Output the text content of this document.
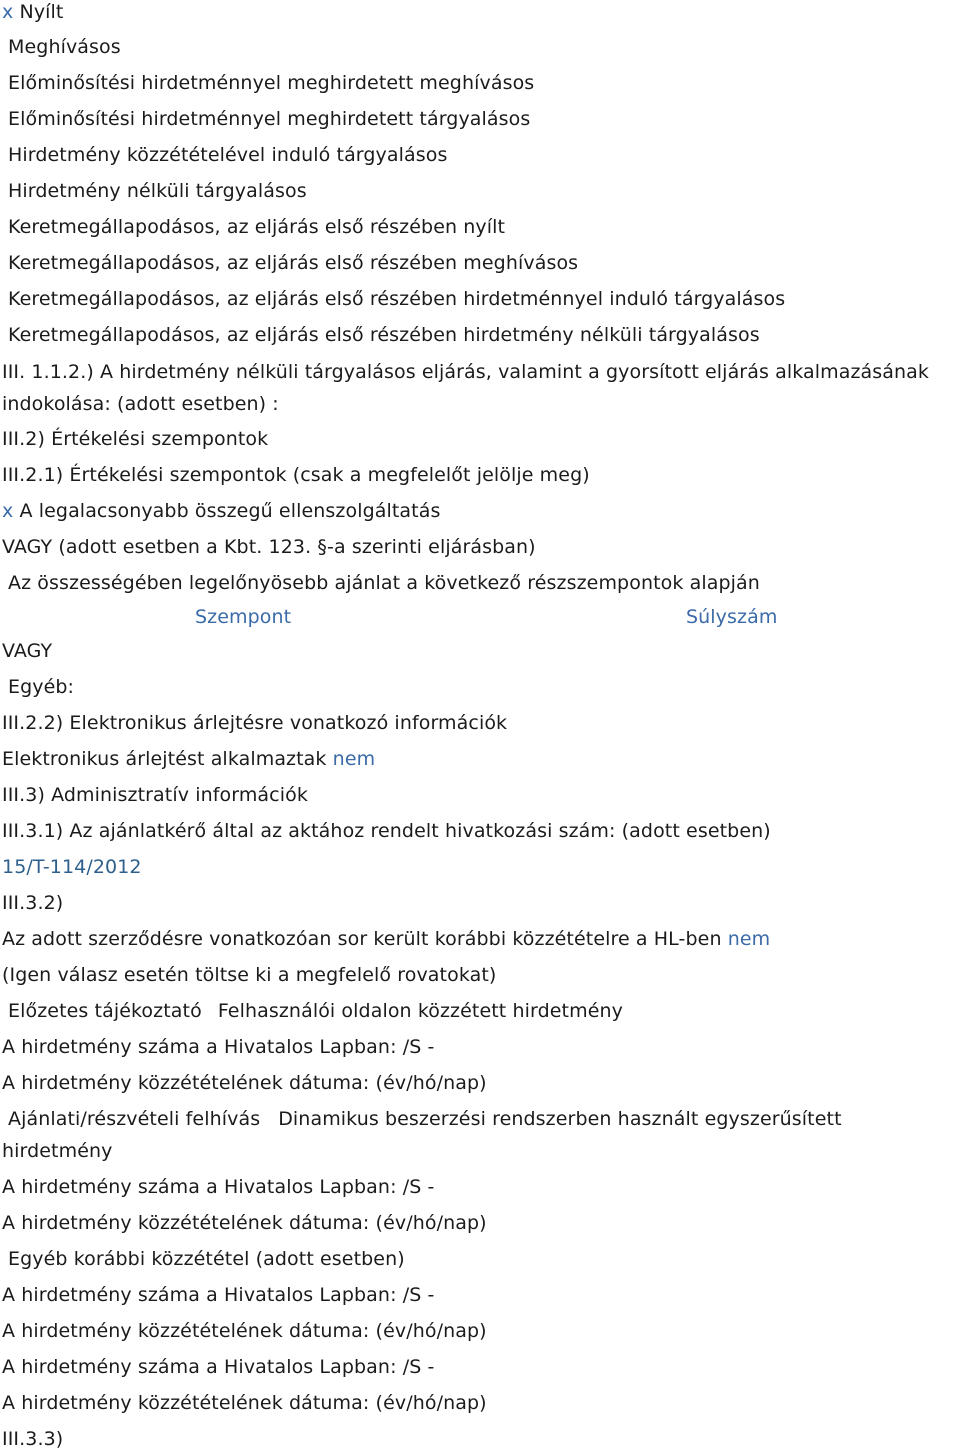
x Nyílt
Meghívásos
Előminősítési hirdetménnyel meghirdetett meghívásos
Előminősítési hirdetménnyel meghirdetett tárgyalásos
Hirdetmény közzétételével induló tárgyalásos
Hirdetmény nélküli tárgyalásos
Keretmegállapodásos, az eljárás első részében nyílt
Keretmegállapodásos, az eljárás első részében meghívásos
Keretmegállapodásos, az eljárás első részében hirdetménnyel induló tárgyalásos
Keretmegállapodásos, az eljárás első részében hirdetmény nélküli tárgyalásos
III. 1.1.2.) A hirdetmény nélküli tárgyalásos eljárás, valamint a gyorsított eljárás alkalmazásának indokolása: (adott esetben) :
III.2) Értékelési szempontok
III.2.1) Értékelési szempontok (csak a megfelelőt jelölje meg)
x A legalacsonyabb összegű ellenszolgáltatás
VAGY (adott esetben a Kbt. 123. §-a szerinti eljárásban)
Az összességében legelőnyösebb ajánlat a következő részszempontok alapján
Szempont	Súlyszám
VAGY
Egyéb:
III.2.2) Elektronikus árlejtésre vonatkozó információk
Elektronikus árlejtést alkalmaztak nem
III.3) Adminisztratív információk
III.3.1) Az ajánlatkérő által az aktához rendelt hivatkozási szám: (adott esetben)
15/T-114/2012
III.3.2)
Az adott szerződésre vonatkozóan sor került korábbi közzétételre a HL-ben nem
(Igen válasz esetén töltse ki a megfelelő rovatokat)
Előzetes tájékoztató Felhasználói oldalon közzétett hirdetmény
A hirdetmény száma a Hivatalos Lapban: /S -
A hirdetmény közzétételének dátuma: (év/hó/nap)
Ajánlati/részvételi felhívás Dinamikus beszerzési rendszerben használt egyszerűsített
hirdetmény
A hirdetmény száma a Hivatalos Lapban: /S -
A hirdetmény közzétételének dátuma: (év/hó/nap)
Egyéb korábbi közzététel (adott esetben)
A hirdetmény száma a Hivatalos Lapban: /S -
A hirdetmény közzétételének dátuma: (év/hó/nap)
A hirdetmény száma a Hivatalos Lapban: /S -
A hirdetmény közzétételének dátuma: (év/hó/nap)
III.3.3)
